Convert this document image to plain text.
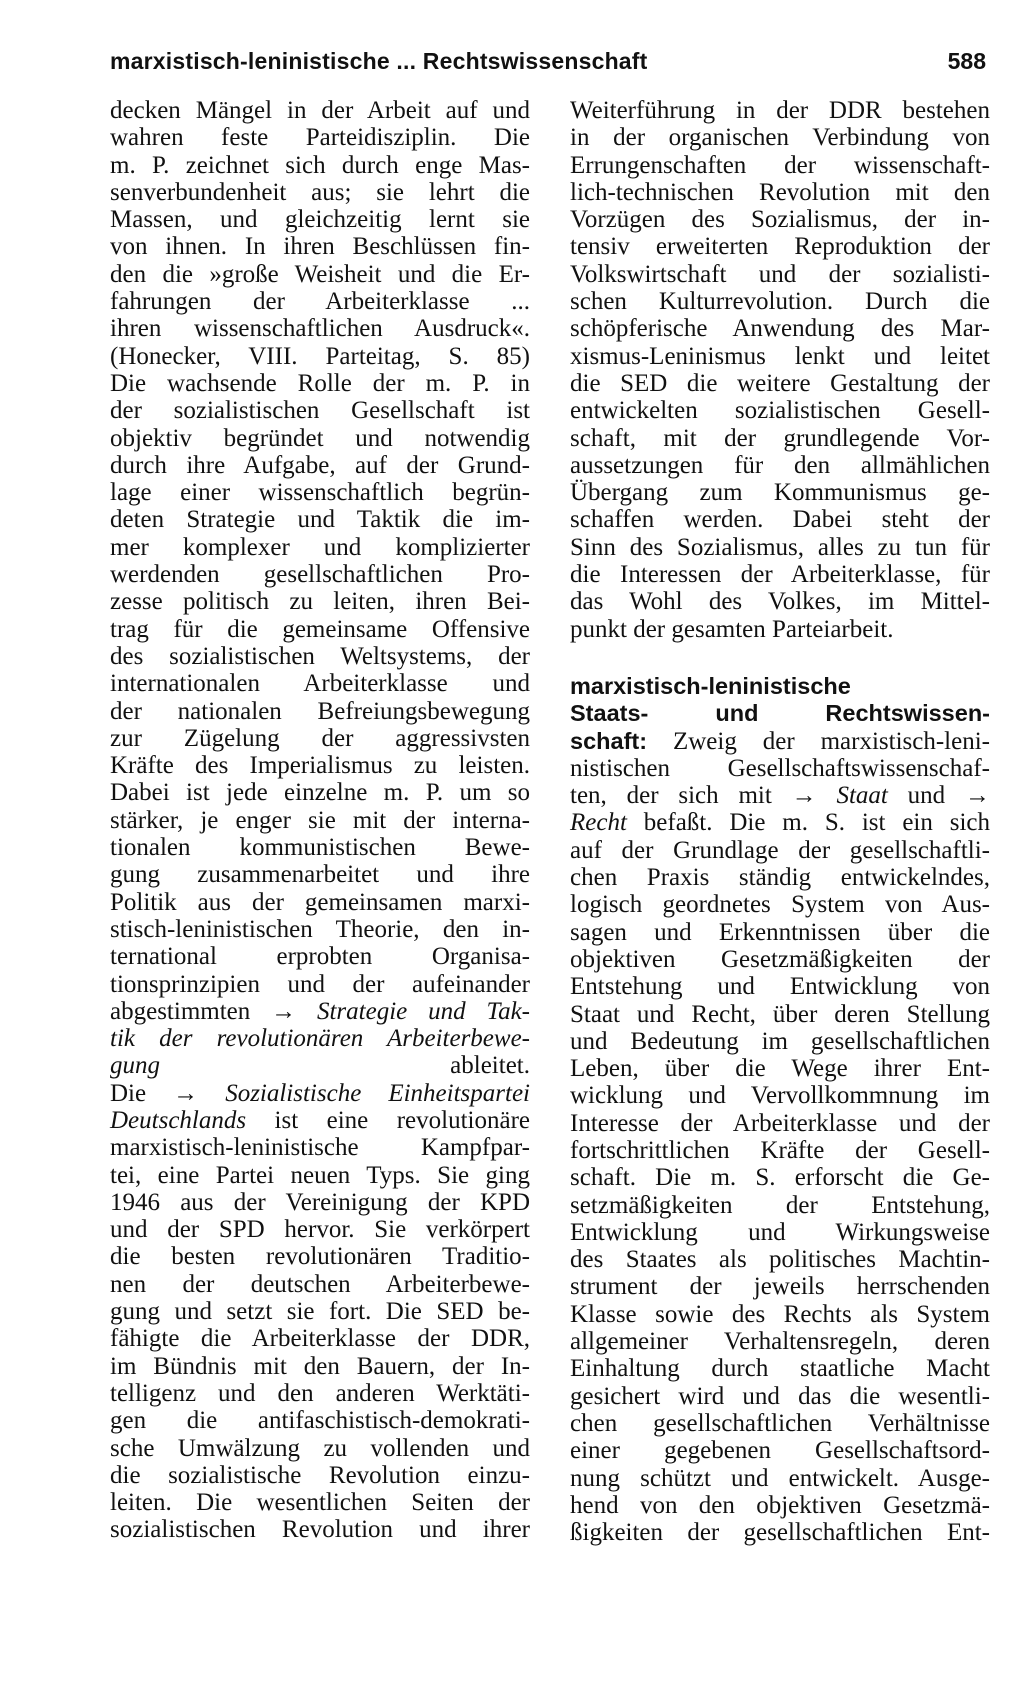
marxistisch-leninistische ... Rechtswissenschaft	588
decken Mängel in der Arbeit auf und
wahren feste Parteidisziplin. Die
m. P. zeichnet sich durch enge Mas-
senverbundenheit aus; sie lehrt die
Massen, und gleichzeitig lernt sie
von ihnen. In ihren Beschlüssen fin-
den die »große Weisheit und die Er-
fahrungen der Arbeiterklasse ...
ihren wissenschaftlichen Ausdruck«.
(Honecker, VIII. Parteitag, S. 85)
Die wachsende Rolle der m. P. in
der sozialistischen Gesellschaft ist
objektiv begründet und notwendig
durch ihre Aufgabe, auf der Grund-
lage einer wissenschaftlich begrün-
deten Strategie und Taktik die im-
mer komplexer und komplizierter
werdenden gesellschaftlichen Pro-
zesse politisch zu leiten, ihren Bei-
trag für die gemeinsame Offensive
des sozialistischen Weltsystems, der
internationalen Arbeiterklasse und
der nationalen Befreiungsbewegung
zur Zügelung der aggressivsten
Kräfte des Imperialismus zu leisten.
Dabei ist jede einzelne m. P. um so
stärker, je enger sie mit der interna-
tionalen kommunistischen Bewe-
gung zusammenarbeitet und ihre
Politik aus der gemeinsamen marxi-
stisch-leninistischen Theorie, den in-
ternational erprobten Organisa-
tionsprinzipien und der aufeinander
abgestimmten → Strategie und Tak-
tik der revolutionären Arbeiterbewe-
gung ableitet.
Die → Sozialistische Einheitspartei
Deutschlands ist eine revolutionäre
marxistisch-leninistische Kampfpar-
tei, eine Partei neuen Typs. Sie ging
1946 aus der Vereinigung der KPD
und der SPD hervor. Sie verkörpert
die besten revolutionären Traditio-
nen der deutschen Arbeiterbewe-
gung und setzt sie fort. Die SED be-
fähigte die Arbeiterklasse der DDR,
im Bündnis mit den Bauern, der In-
telligenz und den anderen Werktäti-
gen die antifaschistisch-demokrati-
sche Umwälzung zu vollenden und
die sozialistische Revolution einzu-
leiten. Die wesentlichen Seiten der
sozialistischen Revolution und ihrer
Weiterführung in der DDR bestehen
in der organischen Verbindung von
Errungenschaften der wissenschaft-
lich-technischen Revolution mit den
Vorzügen des Sozialismus, der in-
tensiv erweiterten Reproduktion der
Volkswirtschaft und der sozialisti-
schen Kulturrevolution. Durch die
schöpferische Anwendung des Mar-
xismus-Leninismus lenkt und leitet
die SED die weitere Gestaltung der
entwickelten sozialistischen Gesell-
schaft, mit der grundlegende Vor-
aussetzungen für den allmählichen
Übergang zum Kommunismus ge-
schaffen werden. Dabei steht der
Sinn des Sozialismus, alles zu tun für
die Interessen der Arbeiterklasse, für
das Wohl des Volkes, im Mittel-
punkt der gesamten Parteiarbeit.
marxistisch-leninistische
Staats- und Rechtswissen-
schaft: Zweig der marxistisch-leni-
nistischen Gesellschaftswissenschaf-
ten, der sich mit → Staat und →
Recht befaßt. Die m. S. ist ein sich
auf der Grundlage der gesellschaftli-
chen Praxis ständig entwickelndes,
logisch geordnetes System von Aus-
sagen und Erkenntnissen über die
objektiven Gesetzmäßigkeiten der
Entstehung und Entwicklung von
Staat und Recht, über deren Stellung
und Bedeutung im gesellschaftlichen
Leben, über die Wege ihrer Ent-
wicklung und Vervollkommnung im
Interesse der Arbeiterklasse und der
fortschrittlichen Kräfte der Gesell-
schaft. Die m. S. erforscht die Ge-
setzmäßigkeiten der Entstehung,
Entwicklung und Wirkungsweise
des Staates als politisches Machtin-
strument der jeweils herrschenden
Klasse sowie des Rechts als System
allgemeiner Verhaltensregeln, deren
Einhaltung durch staatliche Macht
gesichert wird und das die wesentli-
chen gesellschaftlichen Verhältnisse
einer gegebenen Gesellschaftsord-
nung schützt und entwickelt. Ausge-
hend von den objektiven Gesetzmä-
ßigkeiten der gesellschaftlichen Ent-
